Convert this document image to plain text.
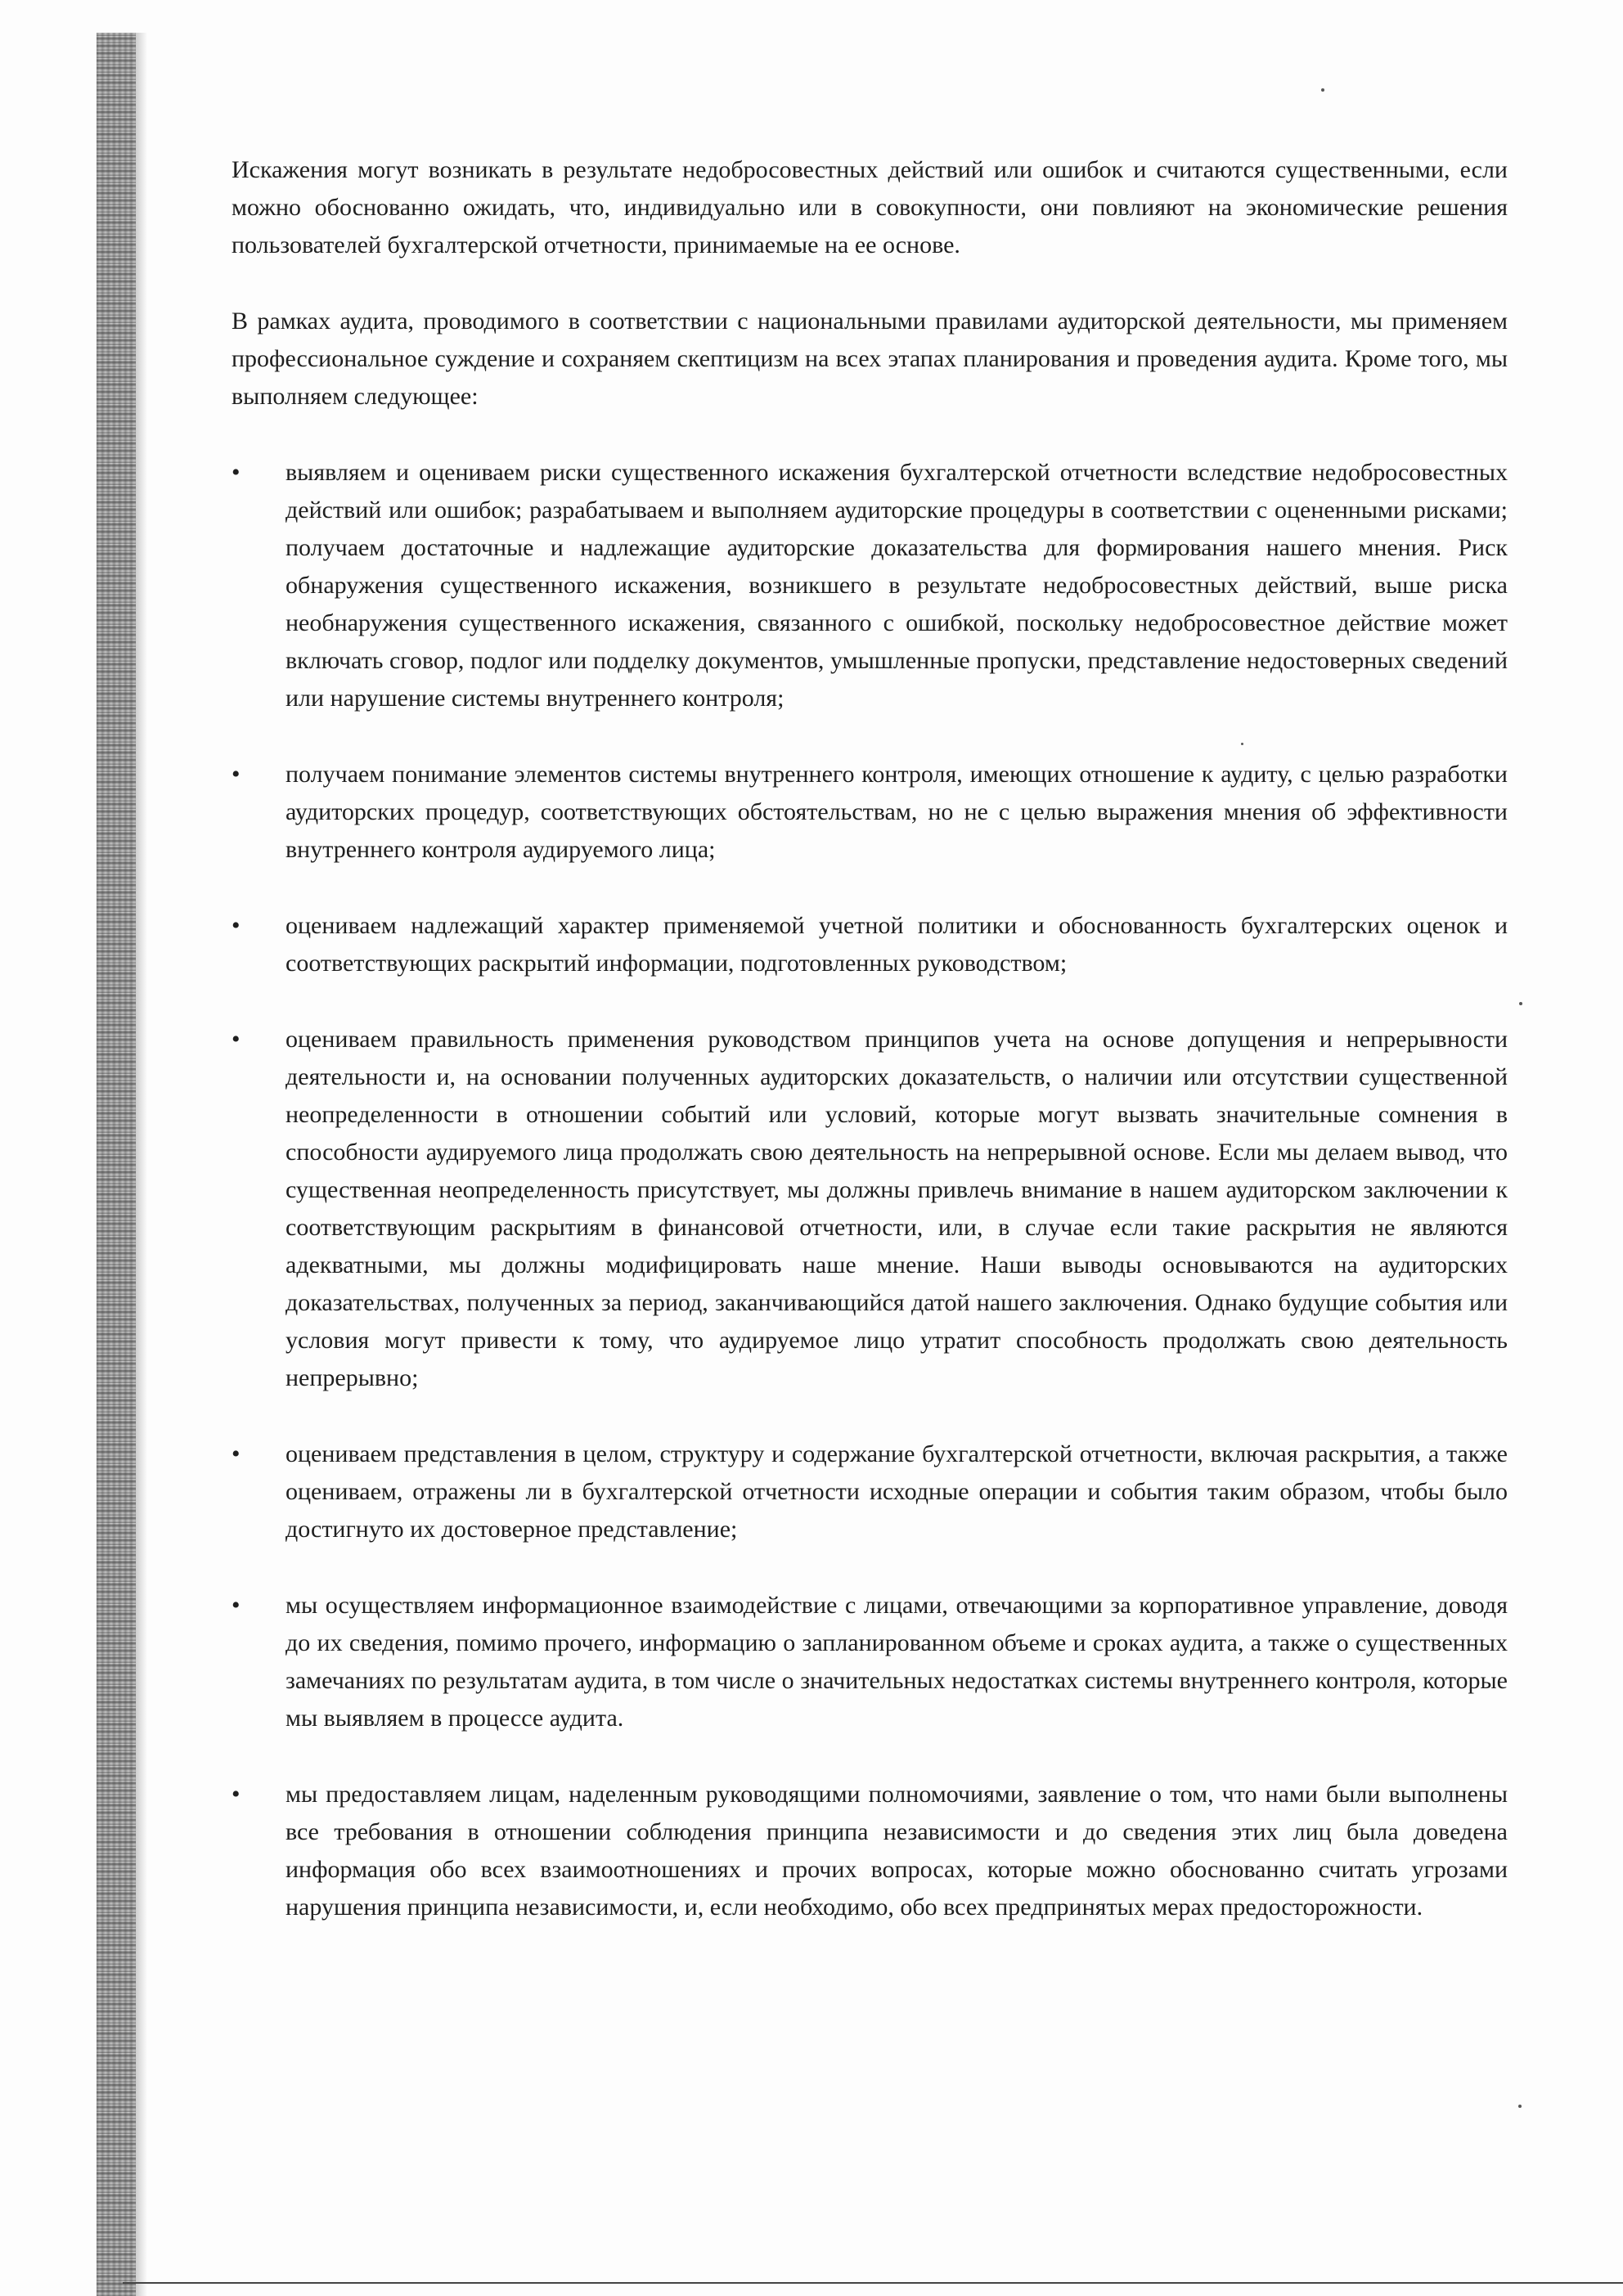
Искажения могут возникать в результате недобросовестных действий или ошибок и считаются существенными, если можно обоснованно ожидать, что, индивидуально или в совокупности, они повлияют на экономические решения пользователей бухгалтерской отчетности, принимаемые на ее основе.

В рамках аудита, проводимого в соответствии с национальными правилами аудиторской деятельности, мы применяем профессиональное суждение и сохраняем скептицизм на всех этапах планирования и проведения аудита. Кроме того, мы выполняем следующее:

•	выявляем и оцениваем риски существенного искажения бухгалтерской отчетности вследствие недобросовестных действий или ошибок; разрабатываем и выполняем аудиторские процедуры в соответствии с оцененными рисками; получаем достаточные и надлежащие аудиторские доказательства для формирования нашего мнения. Риск обнаружения существенного искажения, возникшего в результате недобросовестных действий, выше риска необнаружения существенного искажения, связанного с ошибкой, поскольку недобросовестное действие может включать сговор, подлог или подделку документов, умышленные пропуски, представление недостоверных сведений или нарушение системы внутреннего контроля;
•	получаем понимание элементов системы внутреннего контроля, имеющих отношение к аудиту, с целью разработки аудиторских процедур, соответствующих обстоятельствам, но не с целью выражения мнения об эффективности внутреннего контроля аудируемого лица;
•	оцениваем надлежащий характер применяемой учетной политики и обоснованность бухгалтерских оценок и соответствующих раскрытий информации, подготовленных руководством;
•	оцениваем правильность применения руководством принципов учета на основе допущения и непрерывности деятельности и, на основании полученных аудиторских доказательств, о наличии или отсутствии существенной неопределенности в отношении событий или условий, которые могут вызвать значительные сомнения в способности аудируемого лица продолжать свою деятельность на непрерывной основе. Если мы делаем вывод, что существенная неопределенность присутствует, мы должны привлечь внимание в нашем аудиторском заключении к соответствующим раскрытиям в финансовой отчетности, или, в случае если такие раскрытия не являются адекватными, мы должны модифицировать наше мнение. Наши выводы основываются на аудиторских доказательствах, полученных за период, заканчивающийся датой нашего заключения. Однако будущие события или условия могут привести к тому, что аудируемое лицо утратит способность продолжать свою деятельность непрерывно;
•	оцениваем представления в целом, структуру и содержание бухгалтерской отчетности, включая раскрытия, а также оцениваем, отражены ли в бухгалтерской отчетности исходные операции и события таким образом, чтобы было достигнуто их достоверное представление;
•	мы осуществляем информационное взаимодействие с лицами, отвечающими за корпоративное управление, доводя до их сведения, помимо прочего, информацию о запланированном объеме и сроках аудита, а также о существенных замечаниях по результатам аудита, в том числе о значительных недостатках системы внутреннего контроля, которые мы выявляем в процессе аудита.
•	мы предоставляем лицам, наделенным руководящими полномочиями, заявление о том, что нами были выполнены все требования в отношении соблюдения принципа независимости и до сведения этих лиц была доведена информация обо всех взаимоотношениях и прочих вопросах, которые можно обоснованно считать угрозами нарушения принципа независимости, и, если необходимо, обо всех предпринятых мерах предосторожности.
